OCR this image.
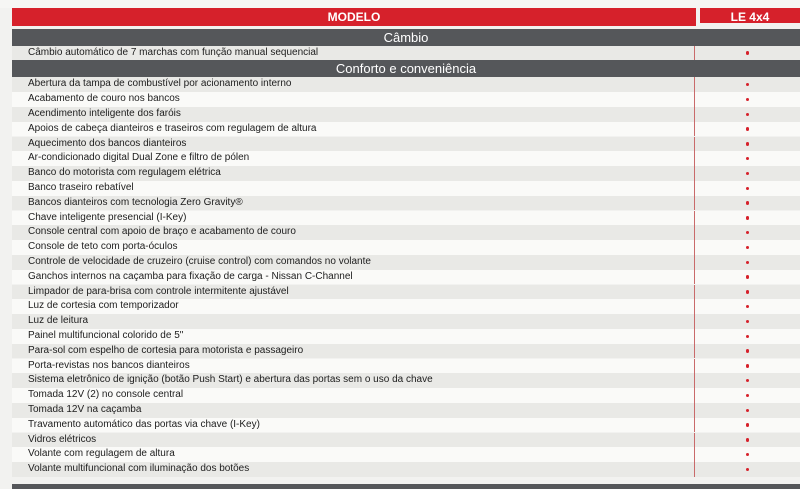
MODELO	LE 4x4
Câmbio
Câmbio automático de 7 marchas com função manual sequencial
Conforto e conveniência
Abertura da tampa de combustível por acionamento interno
Acabamento de couro nos bancos
Acendimento inteligente dos faróis
Apoios de cabeça dianteiros e traseiros com regulagem de altura
Aquecimento dos bancos dianteiros
Ar-condicionado digital Dual Zone e filtro de pólen
Banco do motorista com regulagem elétrica
Banco traseiro rebatível
Bancos dianteiros com tecnologia Zero Gravity®
Chave inteligente presencial (I-Key)
Console central com apoio de braço e acabamento de couro
Console de teto com porta-óculos
Controle de velocidade de cruzeiro (cruise control) com comandos no volante
Ganchos internos na caçamba para fixação de carga - Nissan C-Channel
Limpador de para-brisa com controle intermitente ajustável
Luz de cortesia com temporizador
Luz de leitura
Painel multifuncional colorido de 5"
Para-sol com espelho de cortesia para motorista e passageiro
Porta-revistas nos bancos dianteiros
Sistema eletrônico de ignição (botão Push Start) e abertura das portas sem o uso da chave
Tomada 12V (2) no console central
Tomada 12V na caçamba
Travamento automático das portas via chave (I-Key)
Vidros elétricos
Volante com regulagem de altura
Volante multifuncional com iluminação dos botões
